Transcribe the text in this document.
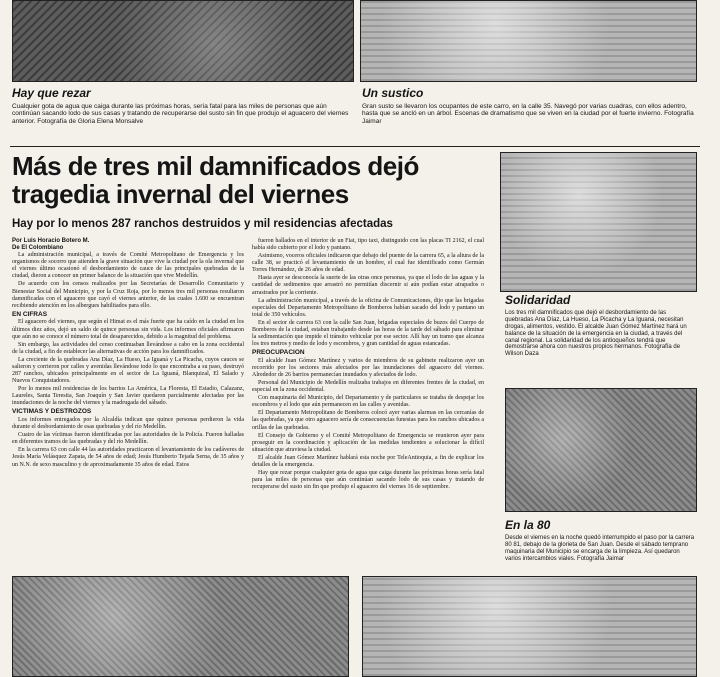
Hay que rezar

Cualquier gota de agua que caiga durante las próximas horas, sería fatal para las miles de personas que aún continúan sacando lodo de sus casas y tratando de recuperarse del susto sin fin que produjo el aguacero del viernes anterior. Fotografía de Gloria Elena Monsalve

Un sustico

Gran susto se llevaron los ocupantes de este carro, en la calle 35. Navegó por varias cuadras, con ellos adentro, hasta que se ancló en un árbol. Escenas de dramatismo que se viven en la ciudad por el fuerte invierno. Fotografía Jaimar

Más de tres mil damnificados dejó tragedia invernal del viernes
Hay por lo menos 287 ranchos destruidos y mil residencias afectadas
Por Luis Horacio Botero M.
De El Colombiano

La administración municipal, a través de Comité Metropolitano de Emergencia y los organismos de socorro que atienden la grave situación que vive la ciudad por la ola invernal que el viernes último ocasionó el desbordamiento de cauce de las principales quebradas de la ciudad, dieron a conocer un primer balance de la situación que vive Medellín.

De acuerdo con los censos realizados por las Secretarías de Desarrollo Comunitario y Bienestar Social del Municipio, y por la Cruz Roja, por lo menos tres mil personas resultaron damnificadas con el aguacero que cayó el viernes anterior, de las cuales 1.600 se encuentran recibiendo atención en los albergues habilitados para ello.

EN CIFRAS

El aguacero del viernes, que según el Himat es el más fuerte que ha caído en la ciudad en los últimos diez años, dejó un saldo de quince personas sin vida. Los informes oficiales afirmaron que aún no se conoce el número total de desaparecidos, debido a la magnitud del problema.

Sin embargo, las actividades del censo continuaban llevándose a cabo en la zona occidental de la ciudad, a fin de establecer las alternativas de acción para los damnificados.

La creciente de la quebradas Ana Díaz, La Hueso, La Iguaná y La Picacha, cuyos cauces se salieron y corrieron por calles y avenidas llevándose todo lo que encontraba a su paso, destruyó 287 ranchos, ubicados principalmente en el sector de La Iguaná, Blanquizal, El Salado y Nuevos Conquistadores.

Por lo menos mil residencias de los barrios La América, La Floresta, El Estadio, Calazanz, Laureles, Santa Teresita, San Joaquín y San Javier quedaron parcialmente afectadas por las inundaciones de la noche del viernes y la madrugada del sábado.

VICTIMAS Y DESTROZOS

Los informes entregados por la Alcaldía indican que quince personas perdieron la vida durante el desbordamiento de esas quebradas y del río Medellín.

Cuatro de las víctimas fueron identificadas por las autoridades de la Policía. Fueron halladas en diferentes tramos de las quebradas y del río Medellín.

En la carrera 63 con calle 44 las autoridades practicaron el levantamiento de los cadáveres de Jesús María Velásquez Zapata, de 54 años de edad; Jesús Humberto Tejada Serna, de 35 años y un N.N. de sexo masculino y de aproximadamente 35 años de edad. Estos

fueron hallados en el interior de un Fiat, tipo taxi, distinguido con las placas TI 2162, el cual había sido cubierto por el lodo y pantano.

Asimismo, voceros oficiales indicaron que debajo del puente de la carrera 65, a la altura de la calle 38, se practicó el levantamiento de un hombre, el cual fue identificado como Germán Torres Hernández, de 26 años de edad.

Hasta ayer se desconocía la suerte de las otras once personas, ya que el lodo de las aguas y la cantidad de sedimentos que arrastró no permitían discernir si aún podían estar atrapados o arrastrados por la corriente.

La administración municipal, a través de la oficina de Comunicaciones, dijo que las brigadas especiales del Departamento Metropolitano de Bomberos habían sacado del lodo y pantano un total de 350 vehículos.

En el sector de carrera 63 con la calle San Juan, brigadas especiales de buzos del Cuerpo de Bomberos de la ciudad, estaban trabajando desde las horas de la tarde del sábado para eliminar la sedimentación que impide el tránsito vehicular por ese sector. Allí hay un tramo que alcanza los tres metros y medio de lodo y escombros, y gran cantidad de aguas estancadas.

PREOCUPACION

El alcalde Juan Gómez Martínez y varios de miembros de su gabinete realizaron ayer un recorrido por los sectores más afectados por las inundaciones del aguacero del viernes. Alrededor de 26 barrios permanecían inundados y afectados de lodo.

Personal del Municipio de Medellín realizaba trabajos en diferentes frentes de la ciudad, en especial en la zona occidental.

Con maquinaria del Municipio, del Departamento y de particulares se trataba de despejar los escombros y el lodo que aún permanecen en las calles y avenidas.

El Departamento Metropolitano de Bomberos colocó ayer varias alarmas en las cercanías de las quebradas, ya que otro aguacero sería de consecuencias funestas para los ranchos ubicados a orillas de las quebradas.

El Consejo de Gobierno y el Comité Metropolitano de Emergencia se reunieron ayer para proseguir en la coordinación y aplicación de las medidas tendientes a solucionar la difícil situación que atraviesa la ciudad.

El alcalde Juan Gómez Martínez hablará esta noche por TeleAntioquia, a fin de explicar los detalles de la emergencia.

Hay que rezar porque cualquier gota de agua que caiga durante las próximas horas sería fatal para las miles de personas que aún continúan sacando lodo de sus casas y tratando de recuperarse del susto sin fin que produjo el aguacero del viernes 16 de septiembre.

Solidaridad

Los tres mil damnificados que dejó el desbordamiento de las quebradas Ana Díaz, La Hueso, La Picacha y La Iguaná, necesitan drogas, alimentos, vestido. El alcalde Juan Gómez Martínez hará un balance de la situación de la emergencia en la ciudad, a través del canal regional. La solidaridad de los antioqueños tendrá que demostrarse ahora con nuestros propios hermanos. Fotografía de Wilson Daza

En la 80

Desde el viernes en la noche quedó interrumpido el paso por la carrera 80 81, debajo de la glorieta de San Juan. Desde el sábado temprano maquinaria del Municipio se encarga de la limpieza. Así quedaron varios intercambios viales. Fotografía Jaimar
